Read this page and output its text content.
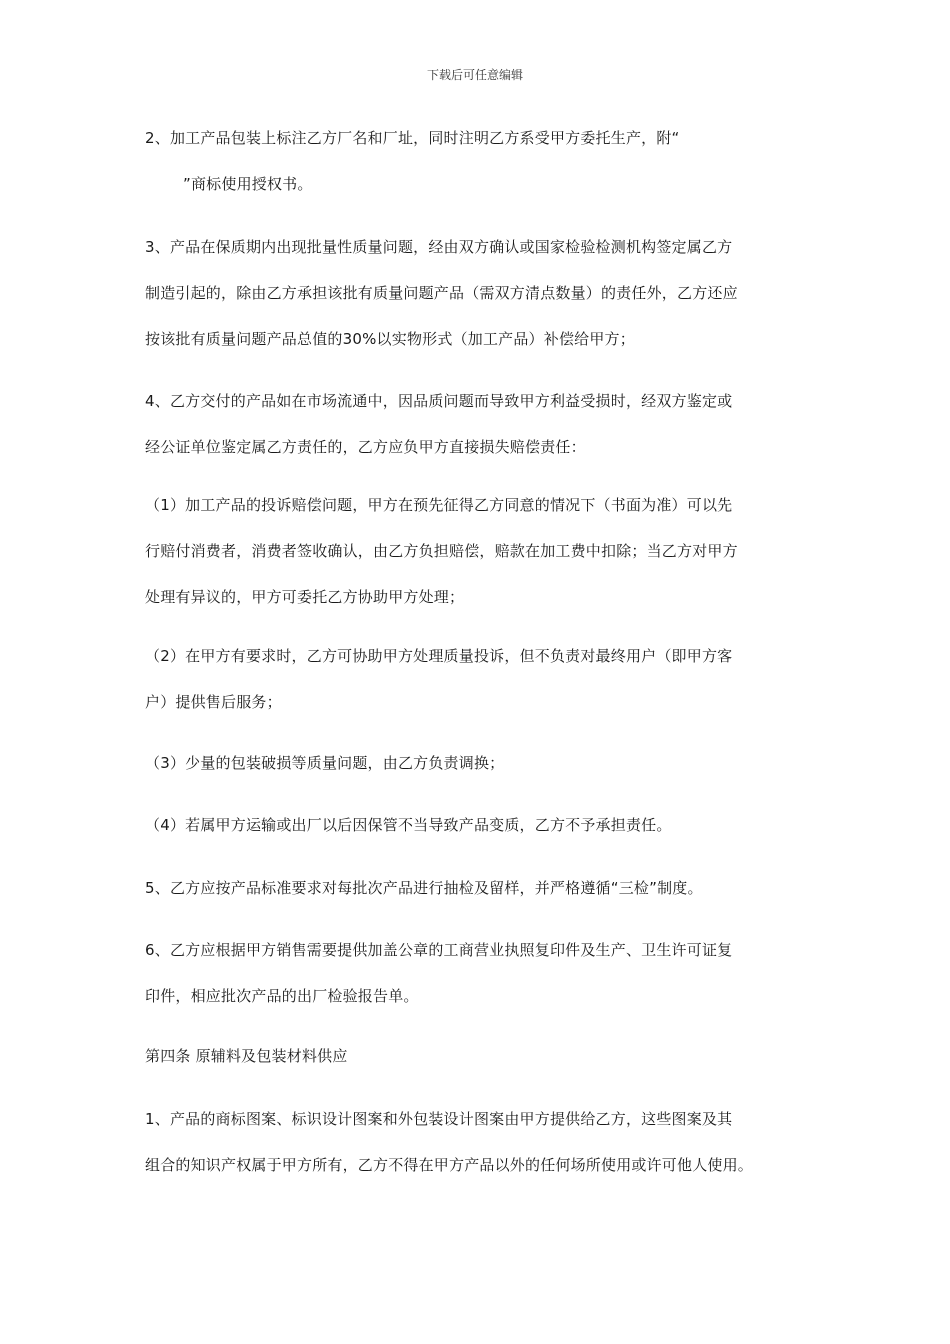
下载后可任意编辑
2、加工产品包装上标注乙方厂名和厂址，同时注明乙方系受甲方委托生产，附“
”商标使用授权书。
3、产品在保质期内出现批量性质量问题，经由双方确认或国家检验检测机构签定属乙方
制造引起的，除由乙方承担该批有质量问题产品（需双方清点数量）的责任外，乙方还应
按该批有质量问题产品总值的30%以实物形式（加工产品）补偿给甲方；
4、乙方交付的产品如在市场流通中，因品质问题而导致甲方利益受损时，经双方鉴定或
经公证单位鉴定属乙方责任的，乙方应负甲方直接损失赔偿责任：
（1）加工产品的投诉赔偿问题，甲方在预先征得乙方同意的情况下（书面为准）可以先
行赔付消费者，消费者签收确认，由乙方负担赔偿，赔款在加工费中扣除；当乙方对甲方
处理有异议的，甲方可委托乙方协助甲方处理；
（2）在甲方有要求时，乙方可协助甲方处理质量投诉，但不负责对最终用户（即甲方客
户）提供售后服务；
（3）少量的包装破损等质量问题，由乙方负责调换；
（4）若属甲方运输或出厂以后因保管不当导致产品变质，乙方不予承担责任。
5、乙方应按产品标准要求对每批次产品进行抽检及留样，并严格遵循“三检”制度。
6、乙方应根据甲方销售需要提供加盖公章的工商营业执照复印件及生产、卫生许可证复
印件，相应批次产品的出厂检验报告单。
第四条 原辅料及包装材料供应
1、产品的商标图案、标识设计图案和外包装设计图案由甲方提供给乙方，这些图案及其
组合的知识产权属于甲方所有，乙方不得在甲方产品以外的任何场所使用或许可他人使用。
